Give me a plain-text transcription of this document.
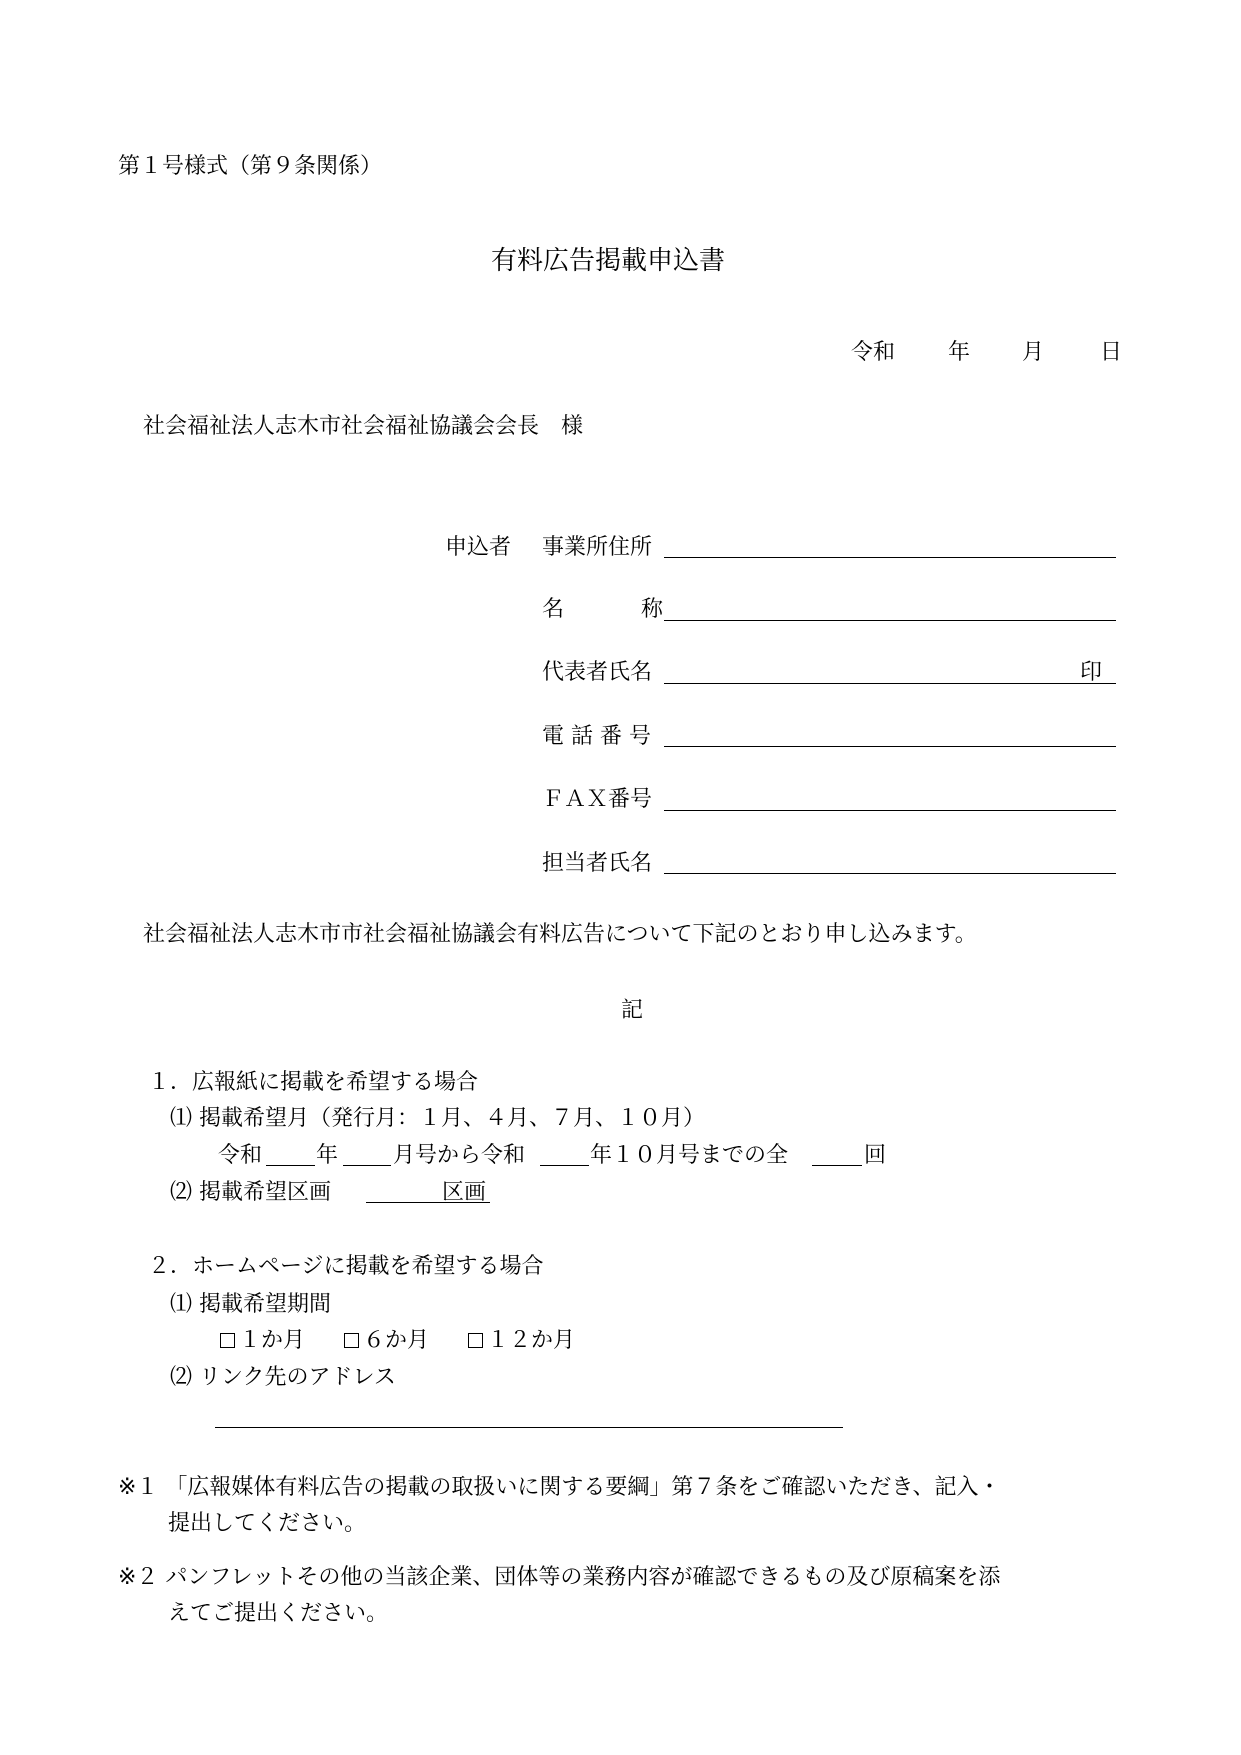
第１号様式（第９条関係）
有料広告掲載申込書
令和 年 月	日
社会福祉法人志木市社会福祉協議会会長　様
申込者 事業所住所
名	称
代表者氏名	印
電 話 番 号
ＦＡＸ番号
担当者氏名
社会福祉法人志木市市社会福祉協議会有料広告について下記のとおり申し込みます。
記
１．広報紙に掲載を希望する場合
⑴ 掲載希望月（発行月：１月、４月、７月、１０月）
令和 年 月号から令和	年１０月号までの全	回
⑵ 掲載希望区画	区画
２．ホームページに掲載を希望する場合
⑴ 掲載希望期間
１か月	６か月	１２か月
⑵ リンク先のアドレス
※１ 「広報媒体有料広告の掲載の取扱いに関する要綱」第７条をご確認いただき、記入・
提出してください。
※２ パンフレットその他の当該企業、団体等の業務内容が確認できるもの及び原稿案を添
えてご提出ください。
